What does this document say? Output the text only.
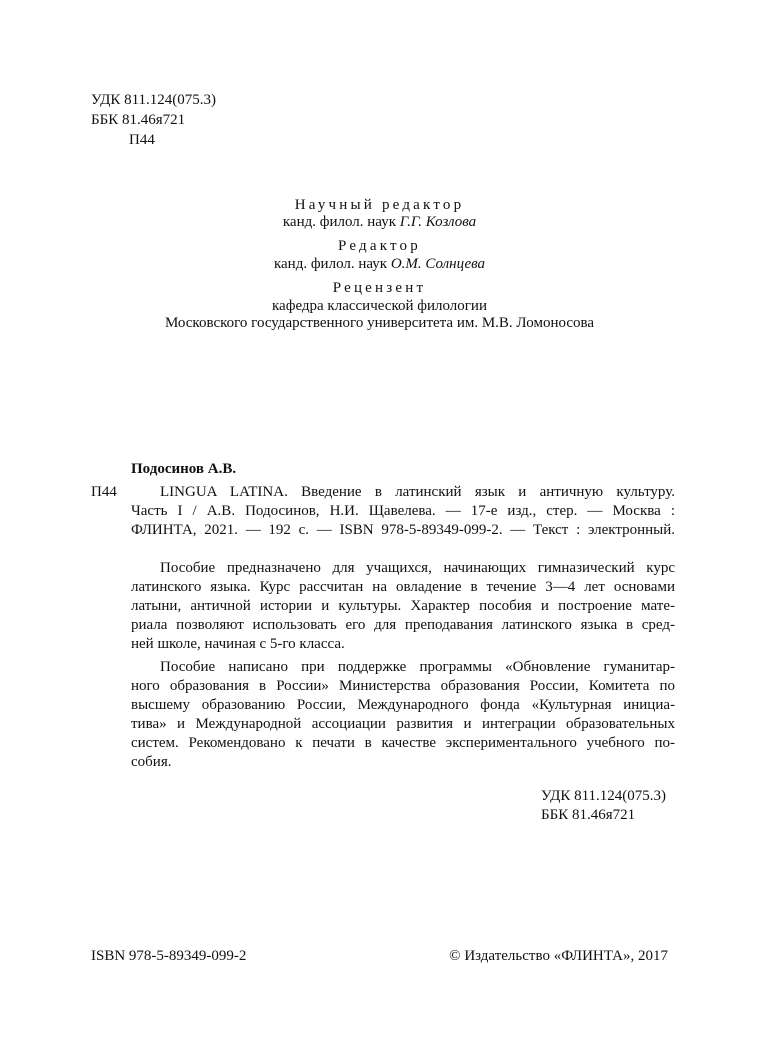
УДК 811.124(075.3)
ББК 81.46я721
П44
Научный редактор
канд. филол. наук Г.Г. Козлова
Редактор
канд. филол. наук О.М. Солнцева
Рецензент
кафедра классической филологии
Московского государственного университета им. М.В. Ломоносова
Подосинов А.В.
П44	LINGUA LATINA. Введение в латинский язык и античную культуру.
Часть I / А.В. Подосинов, Н.И. Щавелева. — 17-е изд., стер. — Москва :
ФЛИНТА, 2021. — 192 с. — ISBN 978-5-89349-099-2. — Текст : электронный.
Пособие предназначено для учащихся, начинающих гимназический курс
латинского языка. Курс рассчитан на овладение в течение 3—4 лет основами
латыни, античной истории и культуры. Характер пособия и построение мате-
риала позволяют использовать его для преподавания латинского языка в сред-
ней школе, начиная с 5-го класса.
Пособие написано при поддержке программы «Обновление гуманитар-
ного образования в России» Министерства образования России, Комитета по
высшему образованию России, Международного фонда «Культурная инициа-
тива» и Международной ассоциации развития и интеграции образовательных
систем. Рекомендовано к печати в качестве экспериментального учебного по-
собия.
УДК 811.124(075.3)
ББК 81.46я721
ISBN 978-5-89349-099-2	© Издательство «ФЛИНТА», 2017
